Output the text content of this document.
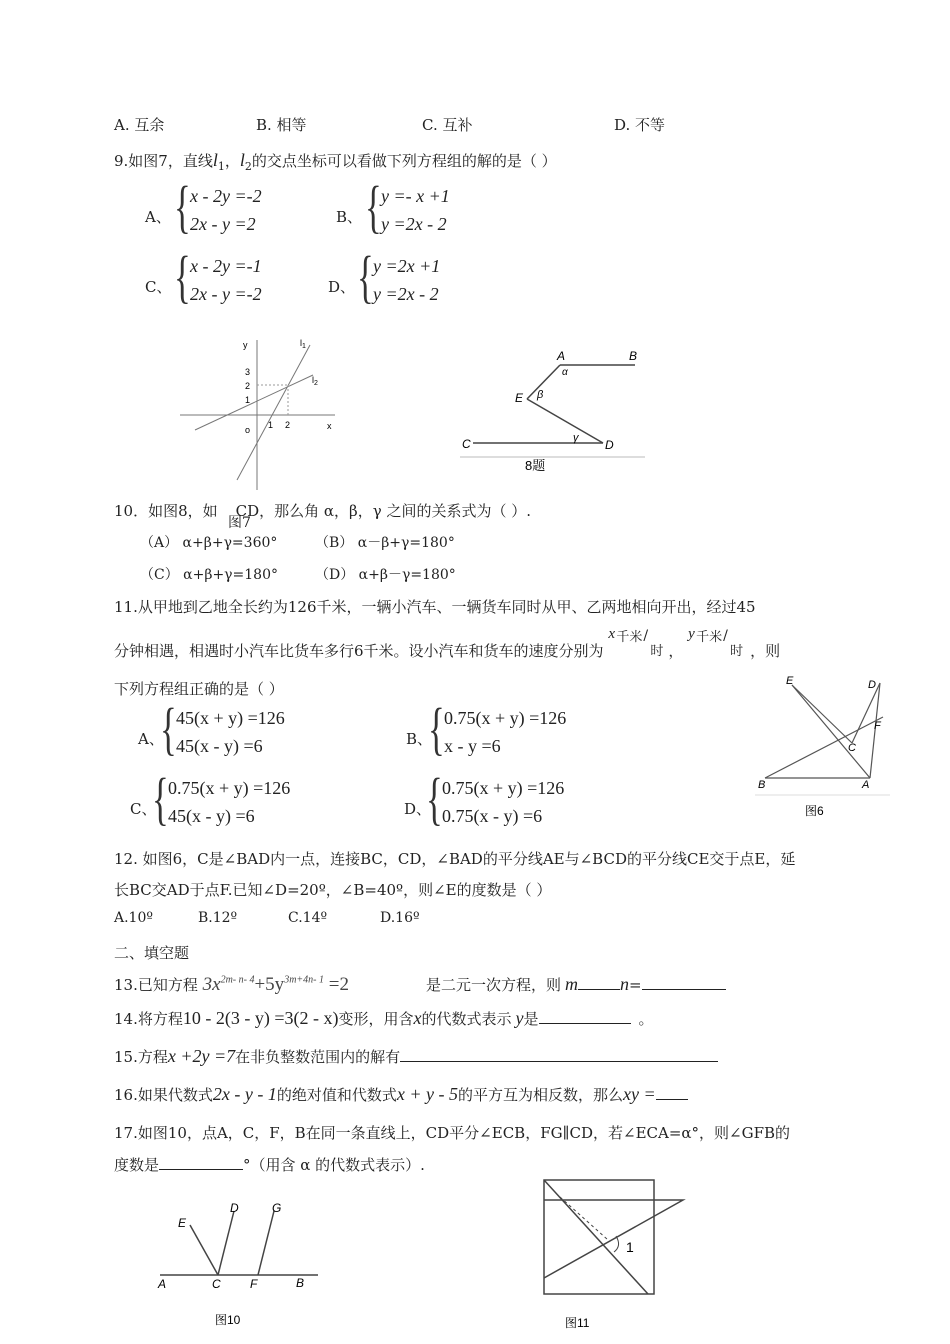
A. 互余	B. 相等	C. 互补	D. 不等
9.如图7，直线$l_1$，$l_2$的交点坐标可以看做下列方程组的解的是（ ）
A、 { x - 2y =-2
2x - y =2	B、 { y =- x +1
y =2x - 2
C、 { x - 2y =-1
2x - y =-2	D、 { y =2x +1
y =2x - 2
y
x
o
3
2
1
1 2
$l_1$
$l_2$
A	B
C	D
E
α
β
γ
8题
10．如图8，如 CD，那么角 α，β，γ 之间的关系式为（ ）.
图7
（A） α+β+γ=360°	（B） α－β+γ=180°
（C） α+β+γ=180°	（D） α+β－γ=180°
11.从甲地到乙地全长约为126千米，一辆小汽车、一辆货车同时从甲、乙两地相向开出，经过45
分钟相遇，相遇时小汽车比货车多行6千米。设小汽车和货车的速度分别为
x 千米 /
时 ，
y 千米 /
时 ，则
下列方程组正确的是（ ）
A、
{ 45(x + y) =126
45(x - y) =6	B、
{ 0.75(x + y) =126
x - y =6
C、
{ 0.75(x + y) =126
45(x - y) =6	D、
{ 0.75(x + y) =126
0.75(x - y) =6
E	D
F
C
B	A
图6
12. 如图6，C是∠BAD内一点，连接BC，CD，∠BAD的平分线AE与∠BCD的平分线CE交于点E，延
长BC交AD于点F.已知∠D=20º，∠B=40º，则∠E的度数是（ ）
A.10º	B.12º	C.14º	D.16º
二、填空题
13.已知方程 $3x^{2m- n- 4}+5y^{3m+4n- 1} =2$	是二元一次方程，则 m n=
14.将方程10 - 2(3 - y) =3(2 - x)变形，用含x的代数式表示 y是	。
15.方程x +2y =7在非负整数范围内的解有
16.如果代数式2x - y - 1的绝对值和代数式x + y - 5的平方互为相反数，那么xy =
17.如图10，点A，C，F，B在同一条直线上，CD平分∠ECB，FG∥CD，若∠ECA=α°，则∠GFB的
度数是	°（用含 α 的代数式表示）.
A	C F	B
E
D	G
图10
1
图11
